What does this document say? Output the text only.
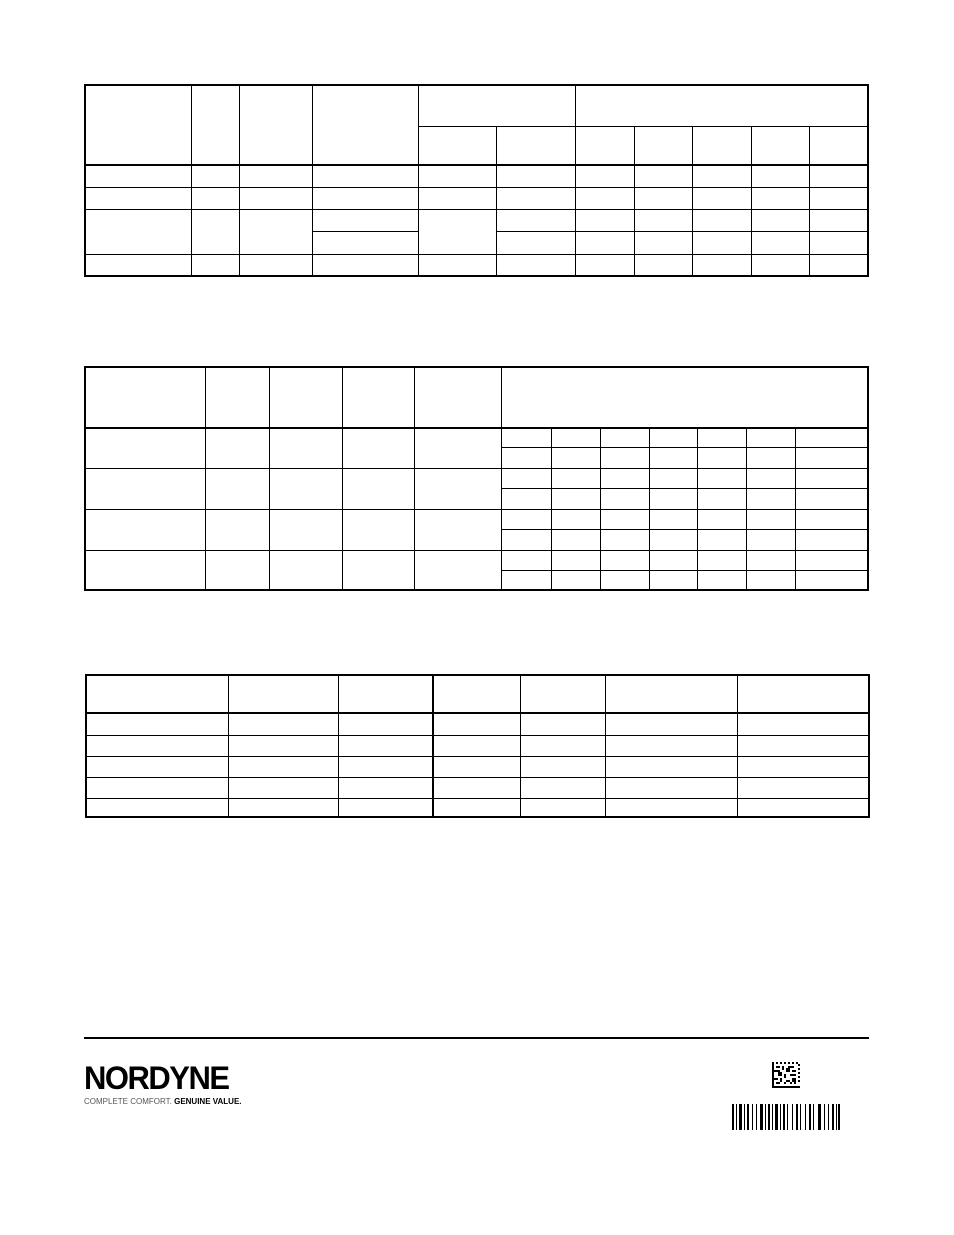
NORDYNE
COMPLETE COMFORT. GENUINE VALUE.
